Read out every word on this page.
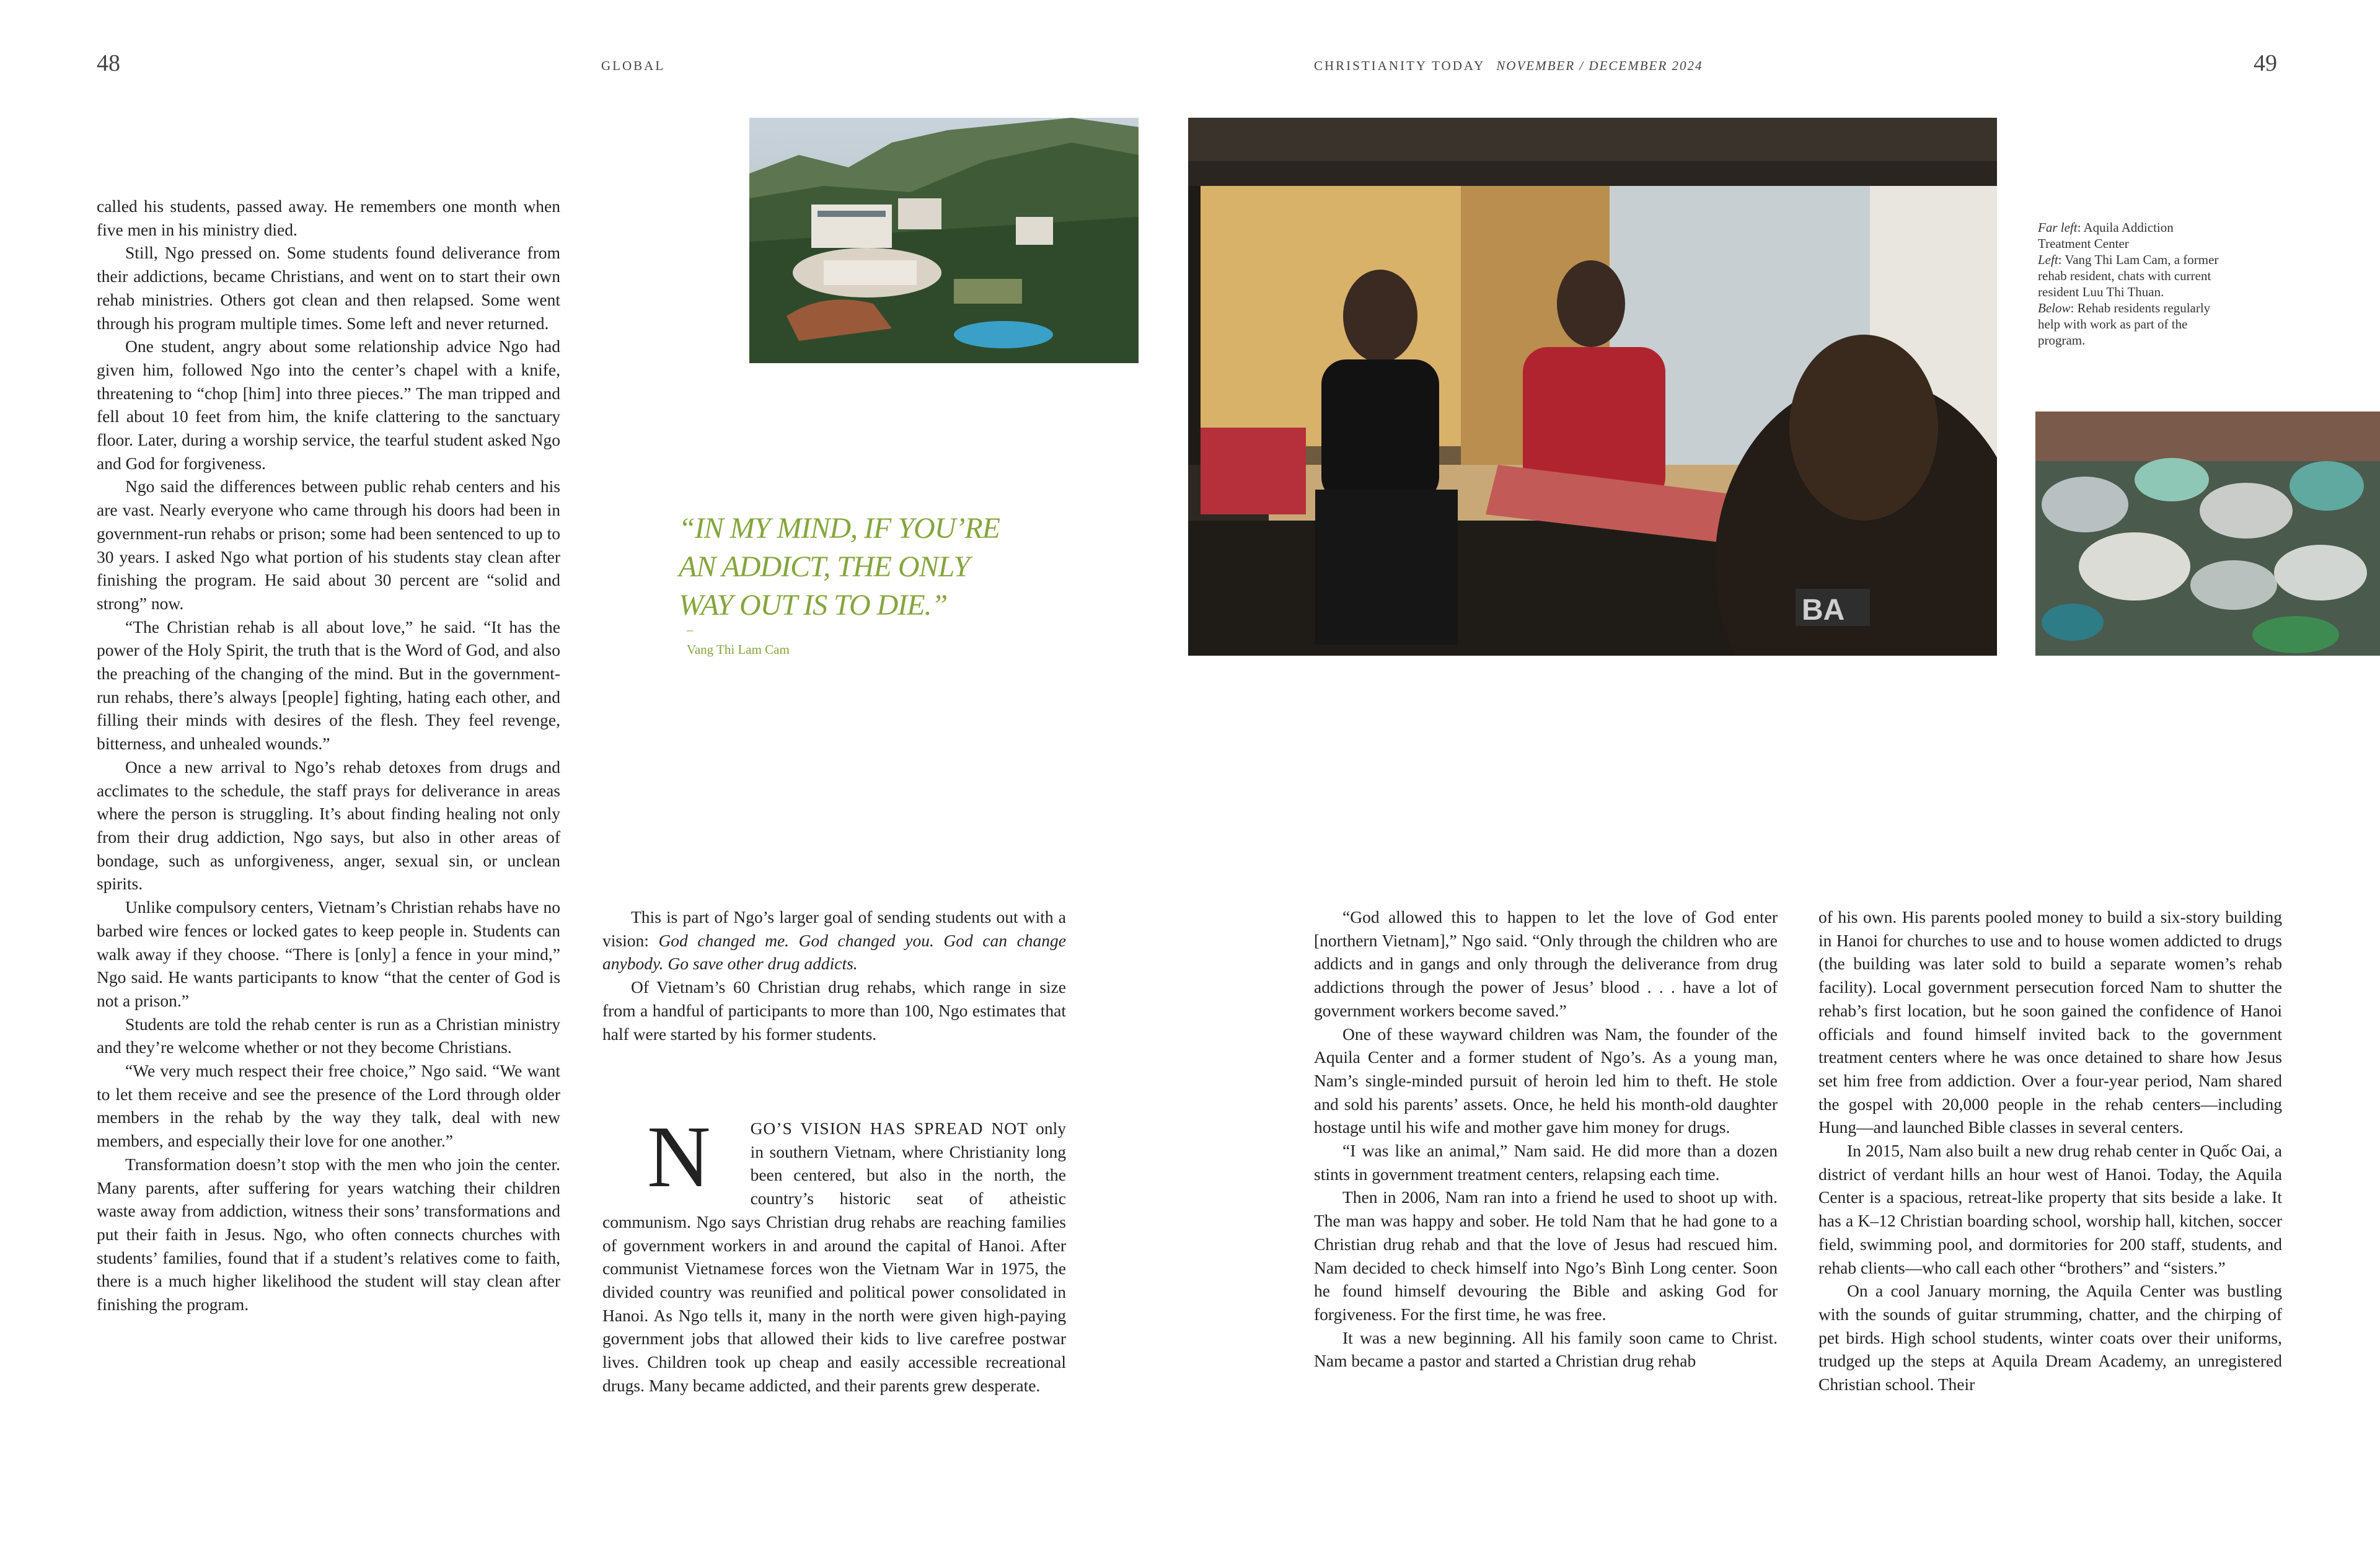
48	GLOBAL	CHRISTIANITY TODAY NOVEMBER / DECEMBER 2024	49

called his students, passed away. He remembers one month when five men in his ministry died.

Still, Ngo pressed on. Some students found deliverance from their addictions, became Christians, and went on to start their own rehab ministries. Others got clean and then relapsed. Some went through his program multiple times. Some left and never returned.

One student, angry about some relationship advice Ngo had given him, followed Ngo into the center’s chapel with a knife, threatening to “chop [him] into three pieces.” The man tripped and fell about 10 feet from him, the knife clattering to the sanctuary floor. Later, during a worship service, the tearful student asked Ngo and God for forgiveness.

Ngo said the differences between public rehab centers and his are vast. Nearly everyone who came through his doors had been in government-run rehabs or prison; some had been sentenced to up to 30 years. I asked Ngo what portion of his students stay clean after finishing the program. He said about 30 percent are “solid and strong” now.

“The Christian rehab is all about love,” he said. “It has the power of the Holy Spirit, the truth that is the Word of God, and also the preaching of the changing of the mind. But in the government-run rehabs, there’s always [people] fighting, hating each other, and filling their minds with desires of the flesh. They feel revenge, bitterness, and unhealed wounds.”

Once a new arrival to Ngo’s rehab detoxes from drugs and acclimates to the schedule, the staff prays for deliverance in areas where the person is struggling. It’s about finding healing not only from their drug addiction, Ngo says, but also in other areas of bondage, such as unforgiveness, anger, sexual sin, or unclean spirits.

Unlike compulsory centers, Vietnam’s Christian rehabs have no barbed wire fences or locked gates to keep people in. Students can walk away if they choose. “There is [only] a fence in your mind,” Ngo said. He wants participants to know “that the center of God is not a prison.”

Students are told the rehab center is run as a Christian ministry and they’re welcome whether or not they become Christians.

“We very much respect their free choice,” Ngo said. “We want to let them receive and see the presence of the Lord through older members in the rehab by the way they talk, deal with new members, and especially their love for one another.”

Transformation doesn’t stop with the men who join the center. Many parents, after suffering for years watching their children waste away from addiction, witness their sons’ transformations and put their faith in Jesus. Ngo, who often connects churches with students’ families, found that if a student’s relatives come to faith, there is a much higher likelihood the student will stay clean after finishing the program.

BA
Far left: Aquila Addiction Treatment Center
Left: Vang Thi Lam Cam, a former rehab resident, chats with current resident Luu Thi Thuan.
Below: Rehab residents regularly help with work as part of the program.
“IN MY MIND, IF YOU’RE AN ADDICT, THE ONLY WAY OUT IS TO DIE.”
–
Vang Thi Lam Cam

This is part of Ngo’s larger goal of sending students out with a vision: God changed me. God changed you. God can change anybody. Go save other drug addicts.

Of Vietnam’s 60 Christian drug rehabs, which range in size from a handful of participants to more than 100, Ngo estimates that half were started by his former students.

N GO’S VISION HAS SPREAD NOT only in southern Vietnam, where Christianity long been centered, but also in the north, the country’s historic seat of atheistic communism. Ngo says Christian drug rehabs are reaching families of government workers in and around the capital of Hanoi. After communist Vietnamese forces won the Vietnam War in 1975, the divided country was reunified and political power consolidated in Hanoi. As Ngo tells it, many in the north were given high-paying government jobs that allowed their kids to live carefree postwar lives. Children took up cheap and easily accessible recreational drugs. Many became addicted, and their parents grew desperate.

“God allowed this to happen to let the love of God enter [northern Vietnam],” Ngo said. “Only through the children who are addicts and in gangs and only through the deliverance from drug addictions through the power of Jesus’ blood . . . have a lot of government workers become saved.”

One of these wayward children was Nam, the founder of the Aquila Center and a former student of Ngo’s. As a young man, Nam’s single-minded pursuit of heroin led him to theft. He stole and sold his parents’ assets. Once, he held his month-old daughter hostage until his wife and mother gave him money for drugs.

“I was like an animal,” Nam said. He did more than a dozen stints in government treatment centers, relapsing each time.

Then in 2006, Nam ran into a friend he used to shoot up with. The man was happy and sober. He told Nam that he had gone to a Christian drug rehab and that the love of Jesus had rescued him. Nam decided to check himself into Ngo’s Bình Long center. Soon he found himself devouring the Bible and asking God for forgiveness. For the first time, he was free.

It was a new beginning. All his family soon came to Christ. Nam became a pastor and started a Christian drug rehab

of his own. His parents pooled money to build a six-story building in Hanoi for churches to use and to house women addicted to drugs (the building was later sold to build a separate women’s rehab facility). Local government persecution forced Nam to shutter the rehab’s first location, but he soon gained the confidence of Hanoi officials and found himself invited back to the government treatment centers where he was once detained to share how Jesus set him free from addiction. Over a four-year period, Nam shared the gospel with 20,000 people in the rehab centers—including Hung—and launched Bible classes in several centers.

In 2015, Nam also built a new drug rehab center in Quốc Oai, a district of verdant hills an hour west of Hanoi. Today, the Aquila Center is a spacious, retreat-like property that sits beside a lake. It has a K–12 Christian boarding school, worship hall, kitchen, soccer field, swimming pool, and dormitories for 200 staff, students, and rehab clients—who call each other “brothers” and “sisters.”

On a cool January morning, the Aquila Center was bustling with the sounds of guitar strumming, chatter, and the chirping of pet birds. High school students, winter coats over their uniforms, trudged up the steps at Aquila Dream Academy, an unregistered Christian school. Their
